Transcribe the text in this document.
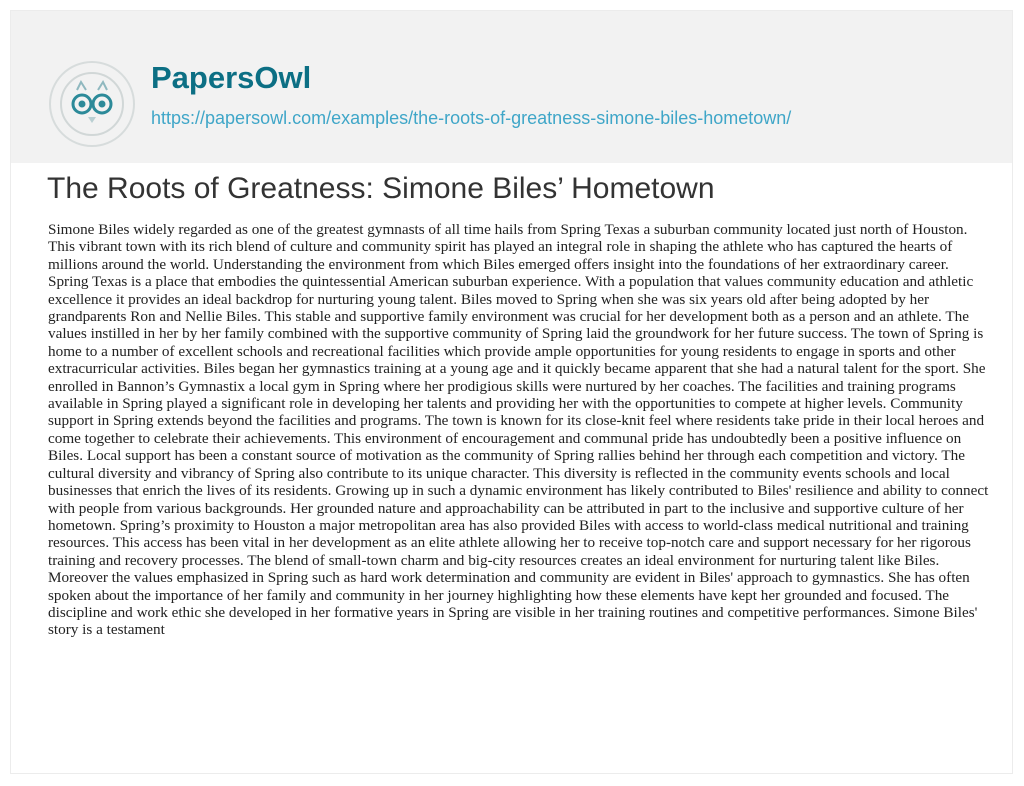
PapersOwl
https://papersowl.com/examples/the-roots-of-greatness-simone-biles-hometown/
The Roots of Greatness: Simone Biles’ Hometown

Simone Biles widely regarded as one of the greatest gymnasts of all time hails from Spring Texas a suburban community located just north of Houston. This vibrant town with its rich blend of culture and community spirit has played an integral role in shaping the athlete who has captured the hearts of millions around the world. Understanding the environment from which Biles emerged offers insight into the foundations of her extraordinary career. Spring Texas is a place that embodies the quintessential American suburban experience. With a population that values community education and athletic excellence it provides an ideal backdrop for nurturing young talent. Biles moved to Spring when she was six years old after being adopted by her grandparents Ron and Nellie Biles. This stable and supportive family environment was crucial for her development both as a person and an athlete. The values instilled in her by her family combined with the supportive community of Spring laid the groundwork for her future success. The town of Spring is home to a number of excellent schools and recreational facilities which provide ample opportunities for young residents to engage in sports and other extracurricular activities. Biles began her gymnastics training at a young age and it quickly became apparent that she had a natural talent for the sport. She enrolled in Bannon’s Gymnastix a local gym in Spring where her prodigious skills were nurtured by her coaches. The facilities and training programs available in Spring played a significant role in developing her talents and providing her with the opportunities to compete at higher levels. Community support in Spring extends beyond the facilities and programs. The town is known for its close-knit feel where residents take pride in their local heroes and come together to celebrate their achievements. This environment of encouragement and communal pride has undoubtedly been a positive influence on Biles. Local support has been a constant source of motivation as the community of Spring rallies behind her through each competition and victory. The cultural diversity and vibrancy of Spring also contribute to its unique character. This diversity is reflected in the community events schools and local businesses that enrich the lives of its residents. Growing up in such a dynamic environment has likely contributed to Biles' resilience and ability to connect with people from various backgrounds. Her grounded nature and approachability can be attributed in part to the inclusive and supportive culture of her hometown. Spring’s proximity to Houston a major metropolitan area has also provided Biles with access to world-class medical nutritional and training resources. This access has been vital in her development as an elite athlete allowing her to receive top-notch care and support necessary for her rigorous training and recovery processes. The blend of small-town charm and big-city resources creates an ideal environment for nurturing talent like Biles. Moreover the values emphasized in Spring such as hard work determination and community are evident in Biles' approach to gymnastics. She has often spoken about the importance of her family and community in her journey highlighting how these elements have kept her grounded and focused. The discipline and work ethic she developed in her formative years in Spring are visible in her training routines and competitive performances. Simone Biles' story is a testament
